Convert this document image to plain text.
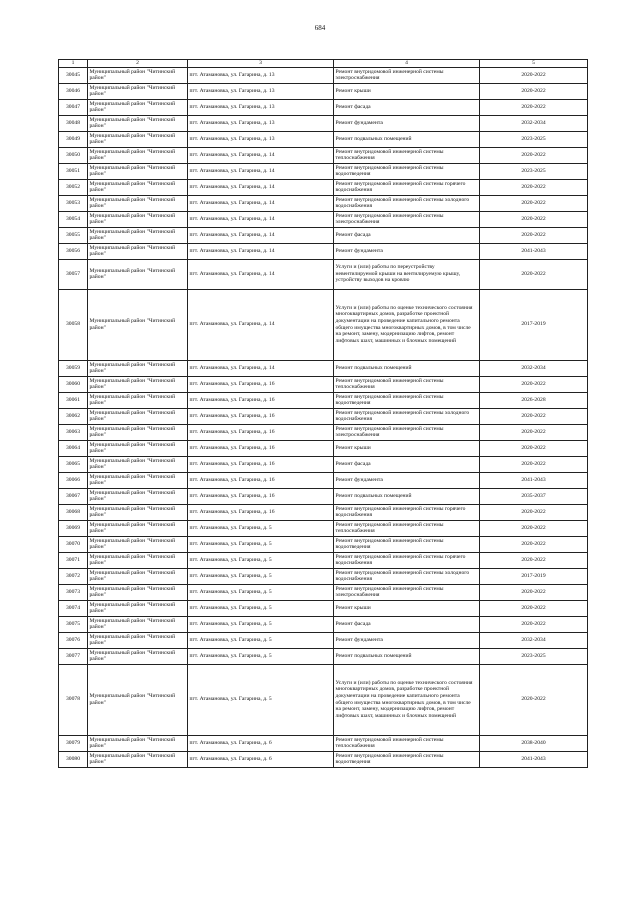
684
1	2	3	4	5
30045	Муниципальный район "Читинский район"	пгт. Атамановка, ул. Гагарина, д. 13	Ремонт внутридомовой инженерной системы электроснабжения	2020-2022
30046	Муниципальный район "Читинский район"	пгт. Атамановка, ул. Гагарина, д. 13	Ремонт крыши	2020-2022
30047	Муниципальный район "Читинский район"	пгт. Атамановка, ул. Гагарина, д. 13	Ремонт фасада	2020-2022
30048	Муниципальный район "Читинский район"	пгт. Атамановка, ул. Гагарина, д. 13	Ремонт фундамента	2032-2034
30049	Муниципальный район "Читинский район"	пгт. Атамановка, ул. Гагарина, д. 13	Ремонт подвальных помещений	2023-2025
30050	Муниципальный район "Читинский район"	пгт. Атамановка, ул. Гагарина, д. 14	Ремонт внутридомовой инженерной системы теплоснабжения	2020-2022
30051	Муниципальный район "Читинский район"	пгт. Атамановка, ул. Гагарина, д. 14	Ремонт внутридомовой инженерной системы водоотведения	2023-2025
30052	Муниципальный район "Читинский район"	пгт. Атамановка, ул. Гагарина, д. 14	Ремонт внутридомовой инженерной системы горячего водоснабжения	2020-2022
30053	Муниципальный район "Читинский район"	пгт. Атамановка, ул. Гагарина, д. 14	Ремонт внутридомовой инженерной системы холодного водоснабжения	2020-2022
30054	Муниципальный район "Читинский район"	пгт. Атамановка, ул. Гагарина, д. 14	Ремонт внутридомовой инженерной системы электроснабжения	2020-2022
30055	Муниципальный район "Читинский район"	пгт. Атамановка, ул. Гагарина, д. 14	Ремонт фасада	2020-2022
30056	Муниципальный район "Читинский район"	пгт. Атамановка, ул. Гагарина, д. 14	Ремонт фундамента	2041-2043
30057	Муниципальный район "Читинский район"	пгт. Атамановка, ул. Гагарина, д. 14	Услуги и (или) работы по переустройству невентилируемой крыши на вентилируемую крышу, устройству выходов на кровлю	2020-2022
30058	Муниципальный район "Читинский район"	пгт. Атамановка, ул. Гагарина, д. 14	Услуги и (или) работы по оценке технического состояния многоквартирных домов, разработке проектной документации на проведение капитального ремонта общего имущества многоквартирных домов, в том числе на ремонт, замену, модернизацию лифтов, ремонт лифтовых шахт, машинных и блочных помещений	2017-2019
30059	Муниципальный район "Читинский район"	пгт. Атамановка, ул. Гагарина, д. 14	Ремонт подвальных помещений	2032-2034
30060	Муниципальный район "Читинский район"	пгт. Атамановка, ул. Гагарина, д. 16	Ремонт внутридомовой инженерной системы теплоснабжения	2020-2022
30061	Муниципальный район "Читинский район"	пгт. Атамановка, ул. Гагарина, д. 16	Ремонт внутридомовой инженерной системы водоотведения	2026-2028
30062	Муниципальный район "Читинский район"	пгт. Атамановка, ул. Гагарина, д. 16	Ремонт внутридомовой инженерной системы холодного водоснабжения	2020-2022
30063	Муниципальный район "Читинский район"	пгт. Атамановка, ул. Гагарина, д. 16	Ремонт внутридомовой инженерной системы электроснабжения	2020-2022
30064	Муниципальный район "Читинский район"	пгт. Атамановка, ул. Гагарина, д. 16	Ремонт крыши	2020-2022
30065	Муниципальный район "Читинский район"	пгт. Атамановка, ул. Гагарина, д. 16	Ремонт фасада	2020-2022
30066	Муниципальный район "Читинский район"	пгт. Атамановка, ул. Гагарина, д. 16	Ремонт фундамента	2041-2043
30067	Муниципальный район "Читинский район"	пгт. Атамановка, ул. Гагарина, д. 16	Ремонт подвальных помещений	2035-2037
30068	Муниципальный район "Читинский район"	пгт. Атамановка, ул. Гагарина, д. 16	Ремонт внутридомовой инженерной системы горячего водоснабжения	2020-2022
30069	Муниципальный район "Читинский район"	пгт. Атамановка, ул. Гагарина, д. 5	Ремонт внутридомовой инженерной системы теплоснабжения	2020-2022
30070	Муниципальный район "Читинский район"	пгт. Атамановка, ул. Гагарина, д. 5	Ремонт внутридомовой инженерной системы водоотведения	2020-2022
30071	Муниципальный район "Читинский район"	пгт. Атамановка, ул. Гагарина, д. 5	Ремонт внутридомовой инженерной системы горячего водоснабжения	2020-2022
30072	Муниципальный район "Читинский район"	пгт. Атамановка, ул. Гагарина, д. 5	Ремонт внутридомовой инженерной системы холодного водоснабжения	2017-2019
30073	Муниципальный район "Читинский район"	пгт. Атамановка, ул. Гагарина, д. 5	Ремонт внутридомовой инженерной системы электроснабжения	2020-2022
30074	Муниципальный район "Читинский район"	пгт. Атамановка, ул. Гагарина, д. 5	Ремонт крыши	2020-2022
30075	Муниципальный район "Читинский район"	пгт. Атамановка, ул. Гагарина, д. 5	Ремонт фасада	2020-2022
30076	Муниципальный район "Читинский район"	пгт. Атамановка, ул. Гагарина, д. 5	Ремонт фундамента	2032-2034
30077	Муниципальный район "Читинский район"	пгт. Атамановка, ул. Гагарина, д. 5	Ремонт подвальных помещений	2023-2025
30078	Муниципальный район "Читинский район"	пгт. Атамановка, ул. Гагарина, д. 5	Услуги и (или) работы по оценке технического состояния многоквартирных домов, разработке проектной документации на проведение капитального ремонта общего имущества многоквартирных домов, в том числе на ремонт, замену, модернизацию лифтов, ремонт лифтовых шахт, машинных и блочных помещений	2020-2022
30079	Муниципальный район "Читинский район"	пгт. Атамановка, ул. Гагарина, д. 6	Ремонт внутридомовой инженерной системы теплоснабжения	2038-2040
30080	Муниципальный район "Читинский район"	пгт. Атамановка, ул. Гагарина, д. 6	Ремонт внутридомовой инженерной системы водоотведения	2041-2043
